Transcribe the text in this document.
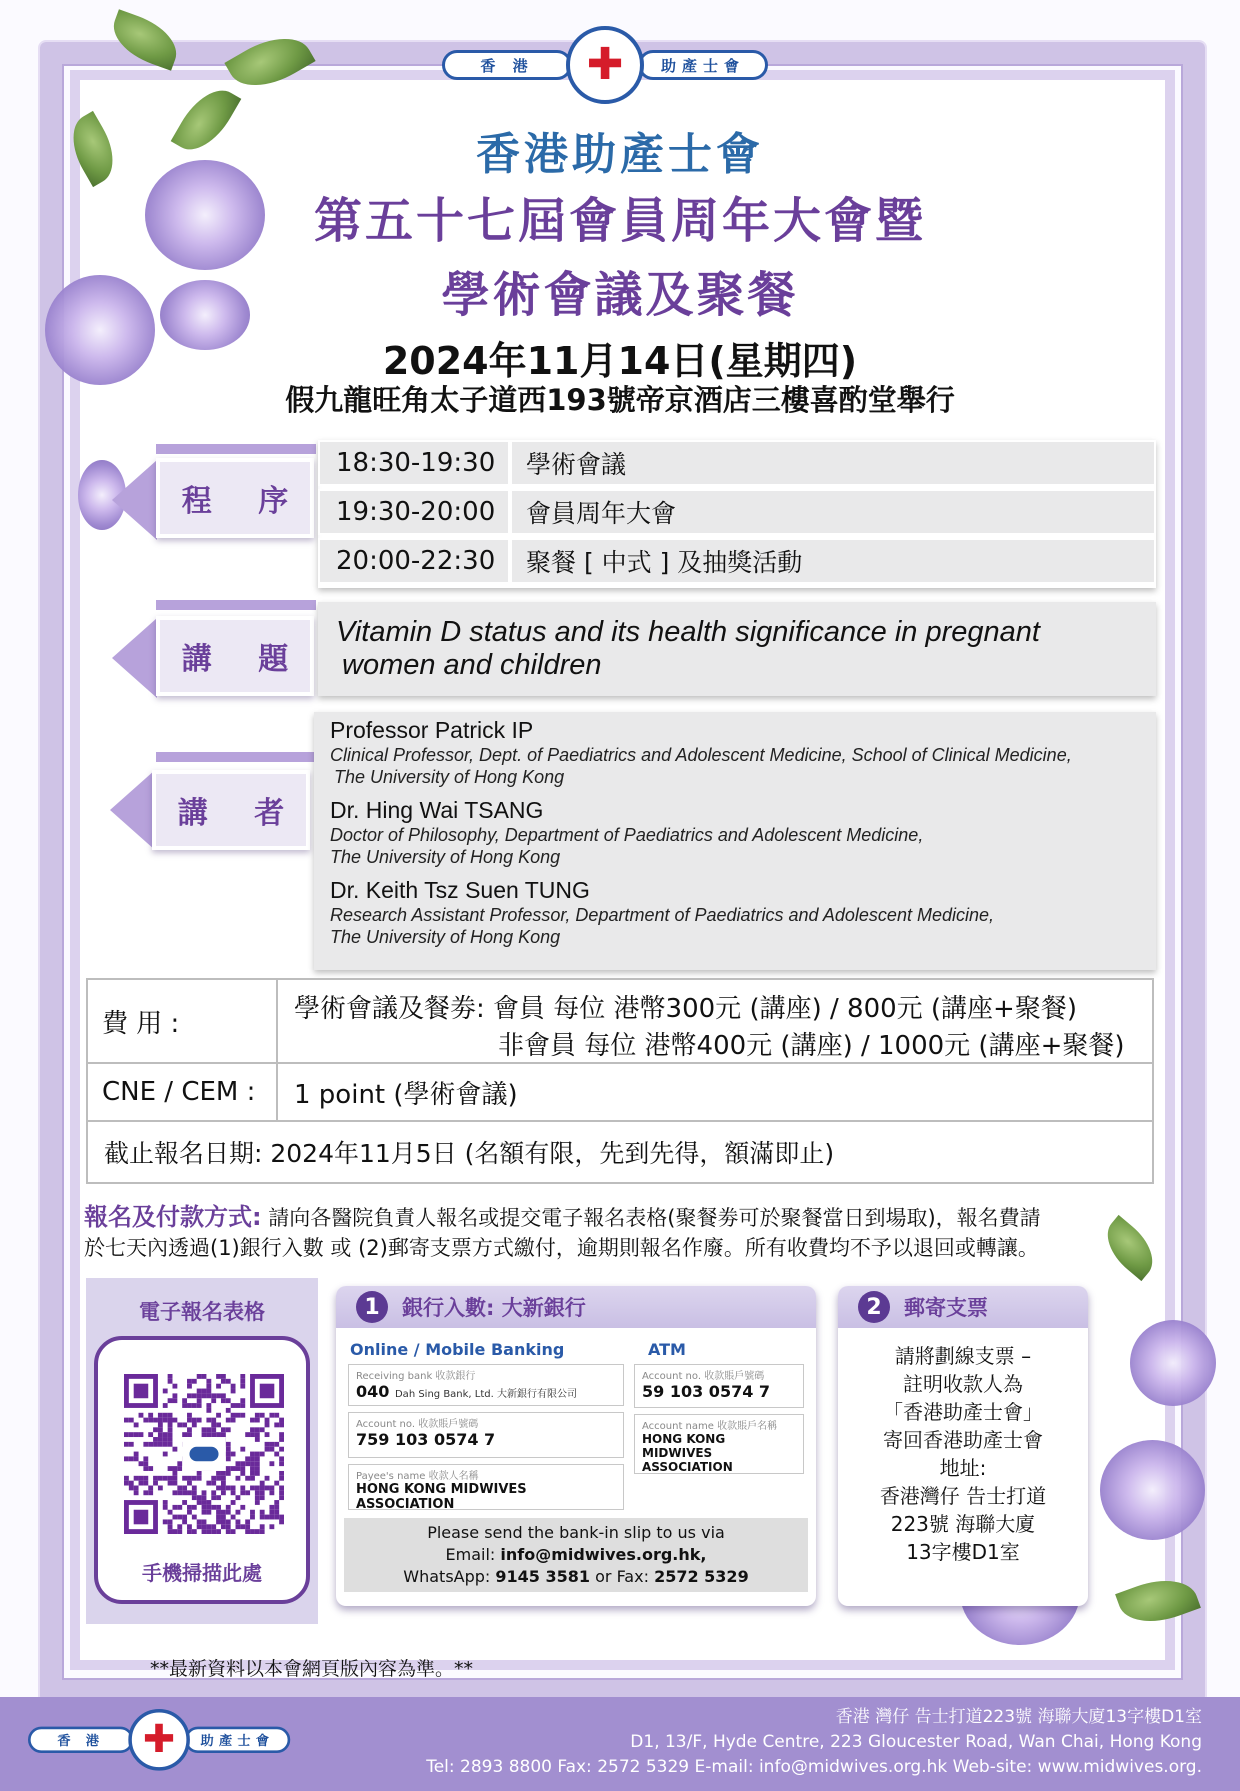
香 港	✚	助產士會
香港助產士會
第五十七屆會員周年大會暨
學術會議及聚餐
2024年11月14日(星期四)
假九龍旺角太子道西193號帝京酒店三樓喜酌堂舉行
程 序
18:30-19:30	學術會議
19:30-20:00	會員周年大會
20:00-22:30	聚餐 [ 中式 ] 及抽獎活動
講 題
Vitamin D status and its health significance in pregnant
women and children
講 者
Professor Patrick IP
Clinical Professor, Dept. of Paediatrics and Adolescent Medicine, School of Clinical Medicine,
The University of Hong Kong
Dr. Hing Wai TSANG
Doctor of Philosophy, Department of Paediatrics and Adolescent Medicine,
The University of Hong Kong
Dr. Keith Tsz Suen TUNG
Research Assistant Professor, Department of Paediatrics and Adolescent Medicine,
The University of Hong Kong
費 用 :	學術會議及餐劵: 會員 每位 港幣300元 (講座) / 800元 (講座+聚餐)
非會員 每位 港幣400元 (講座) / 1000元 (講座+聚餐)
CNE / CEM :	1 point (學術會議)
截止報名日期: 2024年11月5日 (名額有限，先到先得，額滿即止)
報名及付款方式: 請向各醫院負責人報名或提交電子報名表格(聚餐劵可於聚餐當日到場取)，報名費請
於七天內透過(1)銀行入數 或 (2)郵寄支票方式繳付，逾期則報名作廢。所有收費均不予以退回或轉讓。
電子報名表格
手機掃描此處
1	銀行入數: 大新銀行
Online / Mobile Banking	ATM
Receiving bank 收款銀行
040 Dah Sing Bank, Ltd. 大新銀行有限公司
Account no. 收款賬戶號碼
759 103 0574 7
Payee's name 收款人名稱
HONG KONG MIDWIVES ASSOCIATION
Account no. 收款賬戶號碼
59 103 0574 7
Account name 收款賬戶名稱
HONG KONG MIDWIVES
ASSOCIATION
Please send the bank-in slip to us via
Email: info@midwives.org.hk,
WhatsApp: 9145 3581 or Fax: 2572 5329
2	郵寄支票
請將劃線支票 –
註明收款人為
「香港助產士會」
寄回香港助產士會
地址:
香港灣仔 告士打道
223號 海聯大廈
13字樓D1室
**最新資料以本會網頁版內容為準。**
香 港 ✚	助產士會
香港 灣仔 告士打道223號 海聯大廈13字樓D1室
D1, 13/F, Hyde Centre, 223 Gloucester Road, Wan Chai, Hong Kong
Tel: 2893 8800 Fax: 2572 5329 E-mail: info@midwives.org.hk Web-site: www.midwives.org.
